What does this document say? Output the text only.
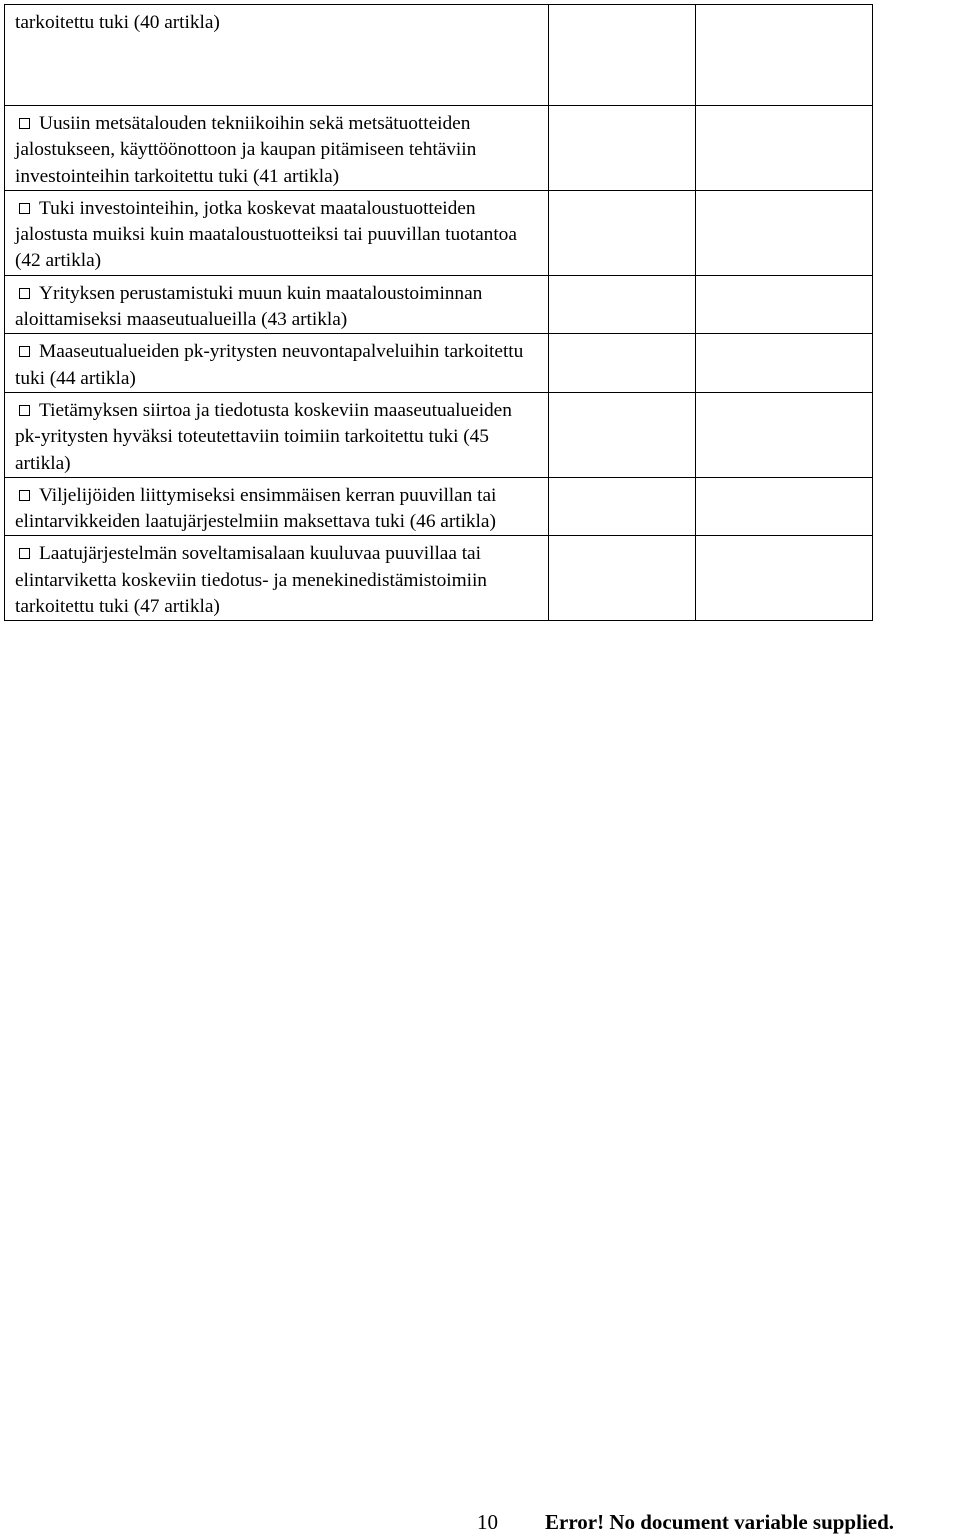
tarkoitettu tuki (40 artikla)		

Uusiin metsätalouden tekniikoihin sekä metsätuotteiden jalostukseen, käyttöönottoon ja kaupan pitämiseen tehtäviin investointeihin tarkoitettu tuki (41 artikla)		

Tuki investointeihin, jotka koskevat maataloustuotteiden jalostusta muiksi kuin maataloustuotteiksi tai puuvillan tuotantoa (42 artikla)		

Yrityksen perustamistuki muun kuin maataloustoiminnan aloittamiseksi maaseutualueilla (43 artikla)		

Maaseutualueiden pk-yritysten neuvontapalveluihin tarkoitettu tuki (44 artikla)		

Tietämyksen siirtoa ja tiedotusta koskeviin maaseutualueiden pk-yritysten hyväksi toteutettaviin toimiin tarkoitettu tuki (45 artikla)		

Viljelijöiden liittymiseksi ensimmäisen kerran puuvillan tai elintarvikkeiden laatujärjestelmiin maksettava tuki (46 artikla)		

Laatujärjestelmän soveltamisalaan kuuluvaa puuvillaa tai elintarviketta koskeviin tiedotus- ja menekinedistämistoimiin tarkoitettu tuki (47 artikla)		

10 Error! No document variable supplied.
